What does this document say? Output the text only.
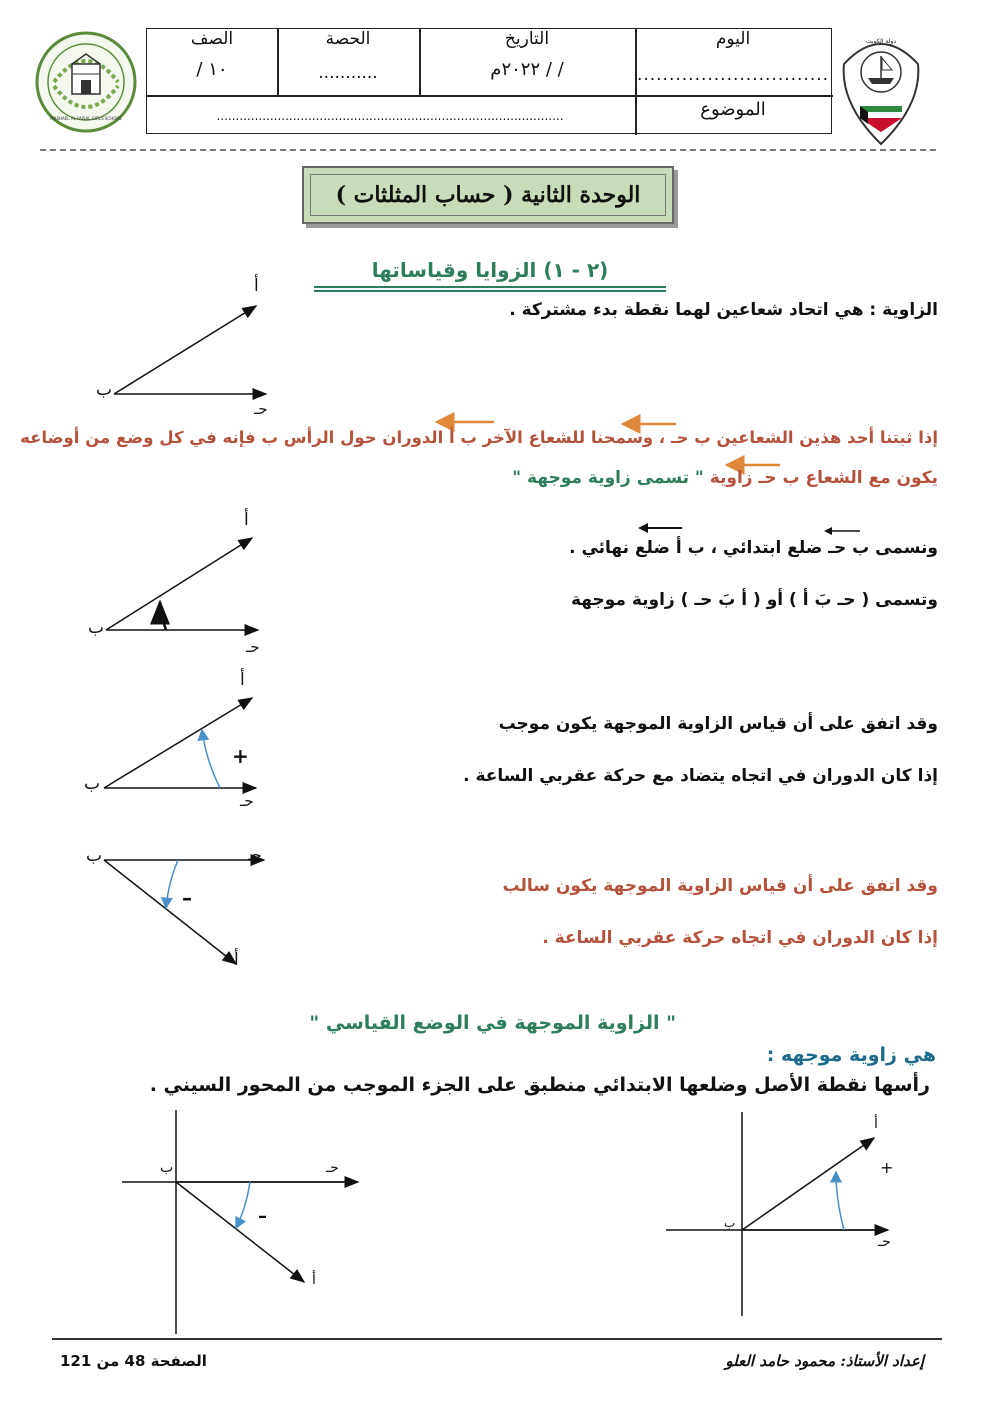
MASHAEL AL-FAISAL GIRLS SCHOOL
دولة الكويت
اليوم
..............................
التاريخ
/ / ٢٠٢٢م
الحصة
...........
الصف
١٠ /
الموضوع
...........................................................................................
الوحدة الثانية ( حساب المثلثات )
(٢ - ١) الزوايا وقياساتها
أ
ب
حـ
الزاوية : هي اتحاد شعاعين لهما نقطة بدء مشتركة .
إذا ثبتنا أحد هذين الشعاعين ب حـ ، وسمحنا للشعاع الآخر ب أ الدوران حول الرأس ب فإنه في كل وضع من أوضاعه
يكون مع الشعاع ب حـ زاوية " تسمى زاوية موجهة "
أ
ب
حـ
ونسمى ب حـ ضلع ابتدائي ، ب أ ضلع نهائي .
وتسمى ( حـ بَ أ ) أو ( أ بَ حـ ) زاوية موجهة
أ
ب
حـ
+
وقد اتفق على أن قياس الزاوية الموجهة يكون موجب
إذا كان الدوران في اتجاه يتضاد مع حركة عقربي الساعة .
ب	حـ
أ
–	وقد اتفق على أن قياس الزاوية الموجهة يكون سالب
إذا كان الدوران في اتجاه حركة عقربي الساعة .
" الزاوية الموجهة في الوضع القياسي "
هي زاوية موجهه :
رأسها نقطة الأصل وضلعها الابتدائي منطبق على الجزء الموجب من المحور السيني .
ب	حـ
أ
–
أ
+
ب
حـ
الصفحة 48 من 121	إعداد الأستاذ: محمود حامد العلو
